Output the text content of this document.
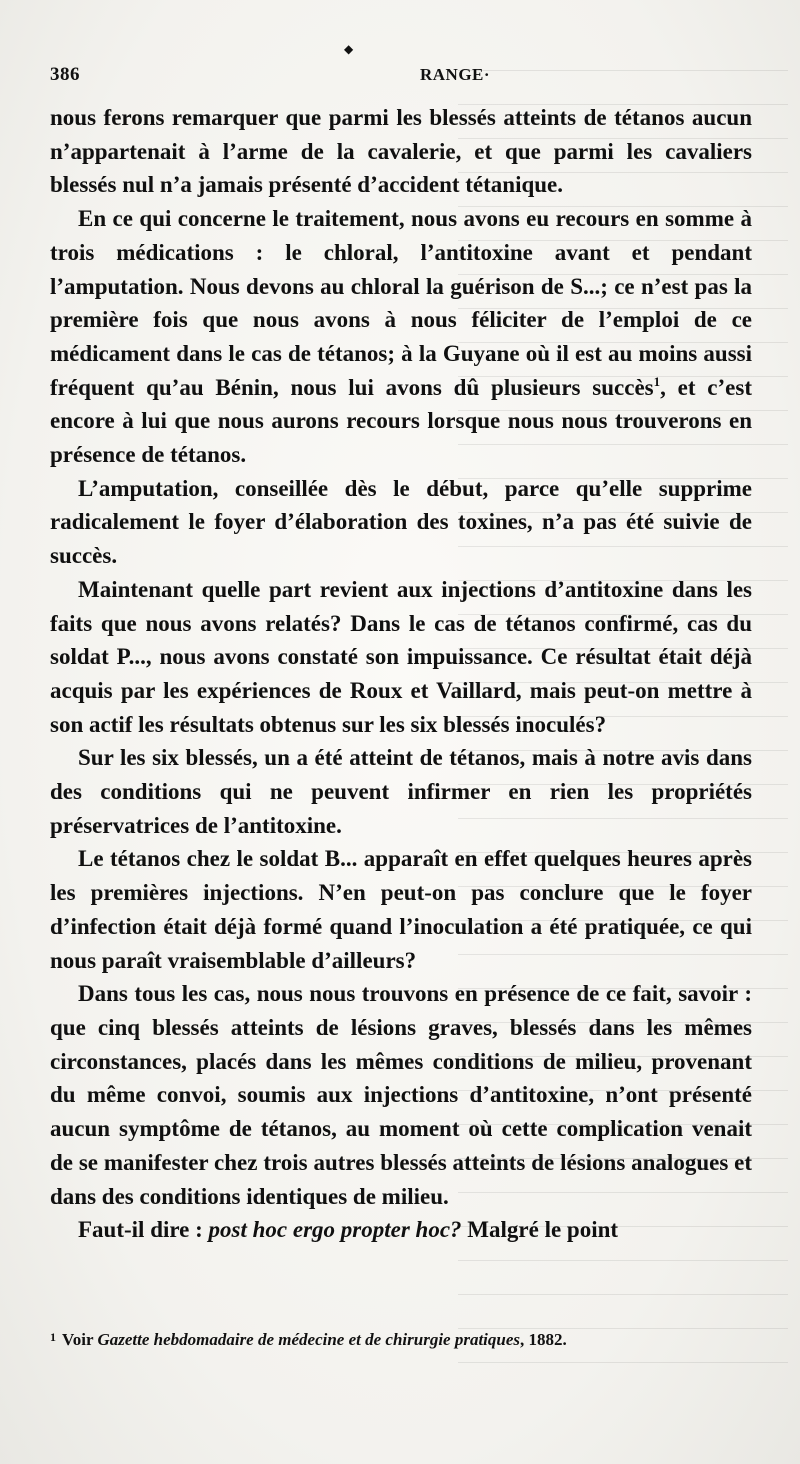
◆
386	RANGE·

nous ferons remarquer que parmi les blessés atteints de tétanos aucun n’appartenait à l’arme de la cavalerie, et que parmi les cavaliers blessés nul n’a jamais présenté d’accident tétanique.

En ce qui concerne le traitement, nous avons eu recours en somme à trois médications : le chloral, l’antitoxine avant et pendant l’amputation. Nous devons au chloral la guérison de S...; ce n’est pas la première fois que nous avons à nous féliciter de l’emploi de ce médicament dans le cas de tétanos; à la Guyane où il est au moins aussi fréquent qu’au Bénin, nous lui avons dû plusieurs succès$^1$, et c’est encore à lui que nous aurons recours lorsque nous nous trouverons en présence de tétanos.

L’amputation, conseillée dès le début, parce qu’elle supprime radicalement le foyer d’élaboration des toxines, n’a pas été suivie de succès.

Maintenant quelle part revient aux injections d’antitoxine dans les faits que nous avons relatés? Dans le cas de tétanos confirmé, cas du soldat P..., nous avons constaté son impuissance. Ce résultat était déjà acquis par les expériences de Roux et Vaillard, mais peut-on mettre à son actif les résultats obtenus sur les six blessés inoculés?

Sur les six blessés, un a été atteint de tétanos, mais à notre avis dans des conditions qui ne peuvent infirmer en rien les propriétés préservatrices de l’antitoxine.

Le tétanos chez le soldat B... apparaît en effet quelques heures après les premières injections. N’en peut-on pas conclure que le foyer d’infection était déjà formé quand l’inoculation a été pratiquée, ce qui nous paraît vraisemblable d’ailleurs?

Dans tous les cas, nous nous trouvons en présence de ce fait, savoir : que cinq blessés atteints de lésions graves, blessés dans les mêmes circonstances, placés dans les mêmes conditions de milieu, provenant du même convoi, soumis aux injections d’antitoxine, n’ont présenté aucun symptôme de tétanos, au moment où cette complication venait de se manifester chez trois autres blessés atteints de lésions analogues et dans des conditions identiques de milieu.

Faut-il dire : post hoc ergo propter hoc? Malgré le point

$^1$ Voir Gazette hebdomadaire de médecine et de chirurgie pratiques, 1882.
